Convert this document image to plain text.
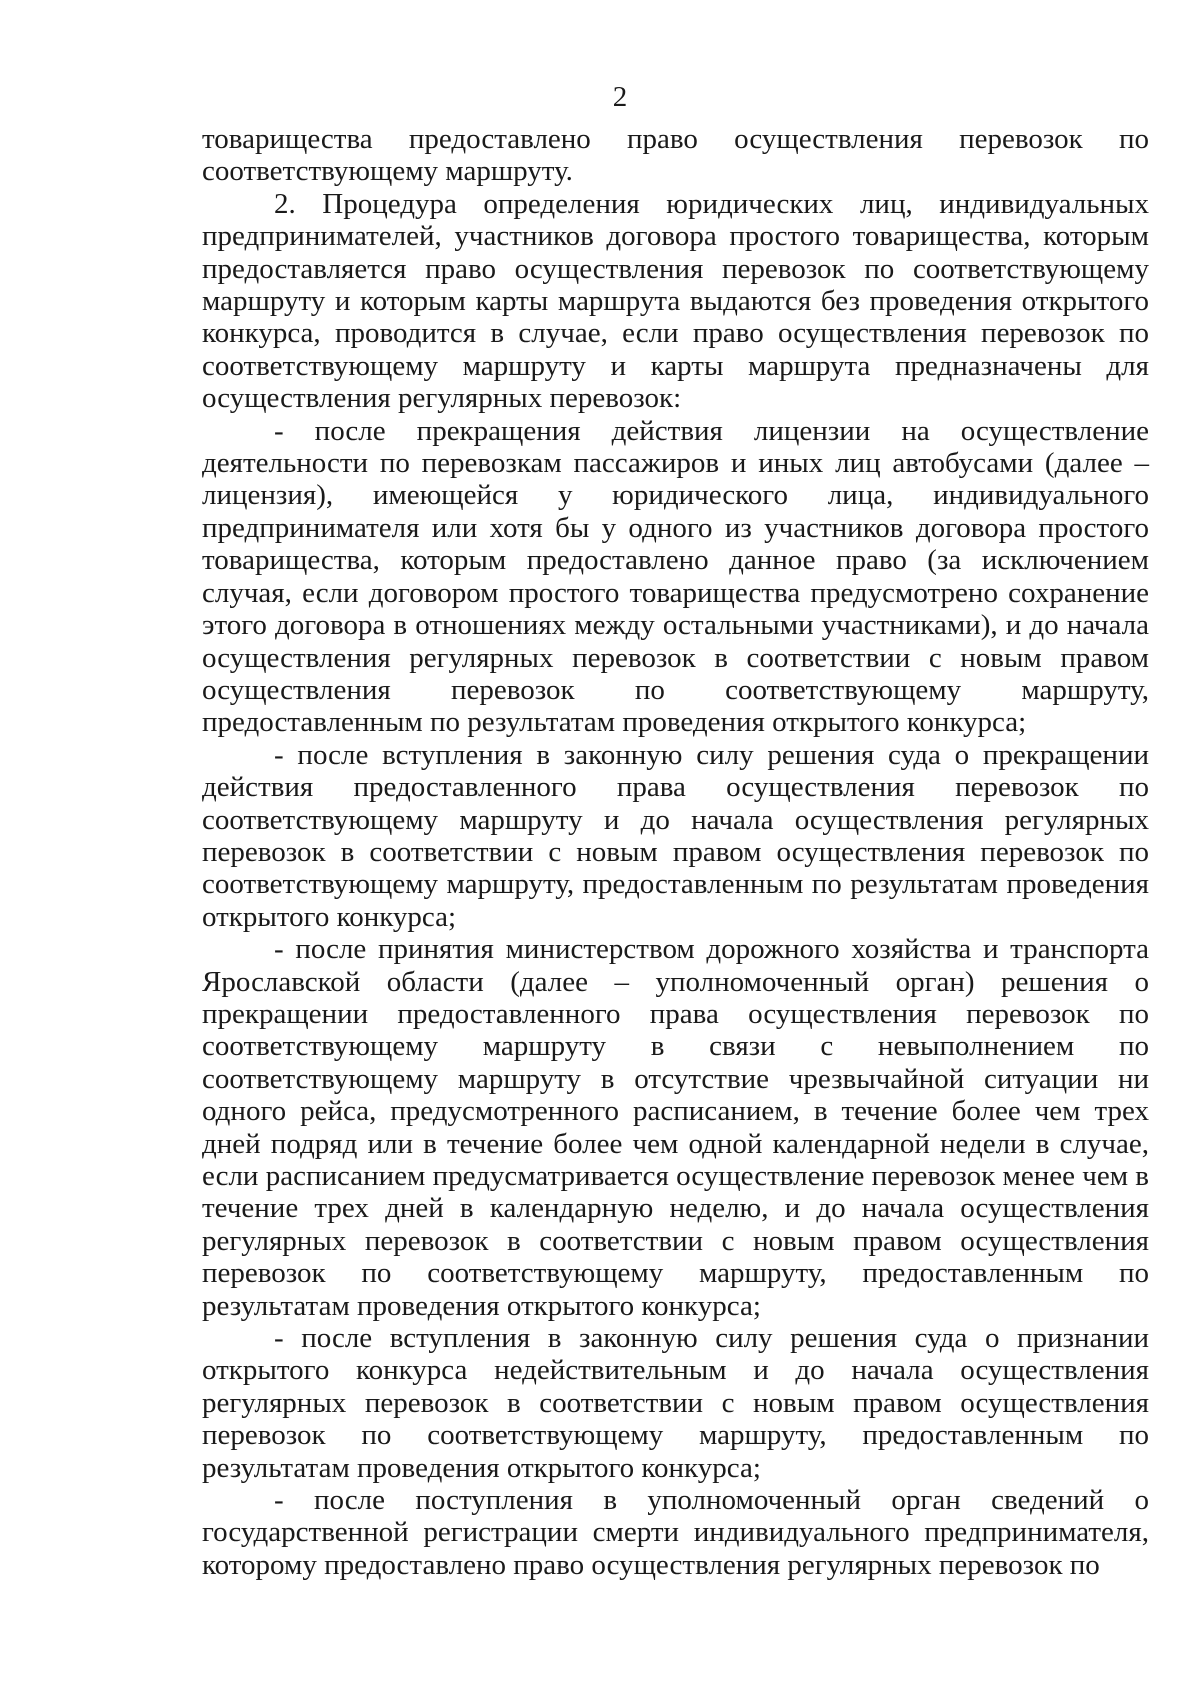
2

товарищества предоставлено право осуществления перевозок по соответствующему маршруту.

2. Процедура определения юридических лиц, индивидуальных предпринимателей, участников договора простого товарищества, которым предоставляется право осуществления перевозок по соответствующему маршруту и которым карты маршрута выдаются без проведения открытого конкурса, проводится в случае, если право осуществления перевозок по соответствующему маршруту и карты маршрута предназначены для осуществления регулярных перевозок:

- после прекращения действия лицензии на осуществление деятельности по перевозкам пассажиров и иных лиц автобусами (далее – лицензия), имеющейся у юридического лица, индивидуального предпринимателя или хотя бы у одного из участников договора простого товарищества, которым предоставлено данное право (за исключением случая, если договором простого товарищества предусмотрено сохранение этого договора в отношениях между остальными участниками), и до начала осуществления регулярных перевозок в соответствии с новым правом осуществления перевозок по соответствующему маршруту, предоставленным по результатам проведения открытого конкурса;

- после вступления в законную силу решения суда о прекращении действия предоставленного права осуществления перевозок по соответствующему маршруту и до начала осуществления регулярных перевозок в соответствии с новым правом осуществления перевозок по соответствующему маршруту, предоставленным по результатам проведения открытого конкурса;

- после принятия министерством дорожного хозяйства и транспорта Ярославской области (далее – уполномоченный орган) решения о прекращении предоставленного права осуществления перевозок по соответствующему маршруту в связи с невыполнением по соответствующему маршруту в отсутствие чрезвычайной ситуации ни одного рейса, предусмотренного расписанием, в течение более чем трех дней подряд или в течение более чем одной календарной недели в случае, если расписанием предусматривается осуществление перевозок менее чем в течение трех дней в календарную неделю, и до начала осуществления регулярных перевозок в соответствии с новым правом осуществления перевозок по соответствующему маршруту, предоставленным по результатам проведения открытого конкурса;

- после вступления в законную силу решения суда о признании открытого конкурса недействительным и до начала осуществления регулярных перевозок в соответствии с новым правом осуществления перевозок по соответствующему маршруту, предоставленным по результатам проведения открытого конкурса;

- после поступления в уполномоченный орган сведений о государственной регистрации смерти индивидуального предпринимателя, которому предоставлено право осуществления регулярных перевозок по
